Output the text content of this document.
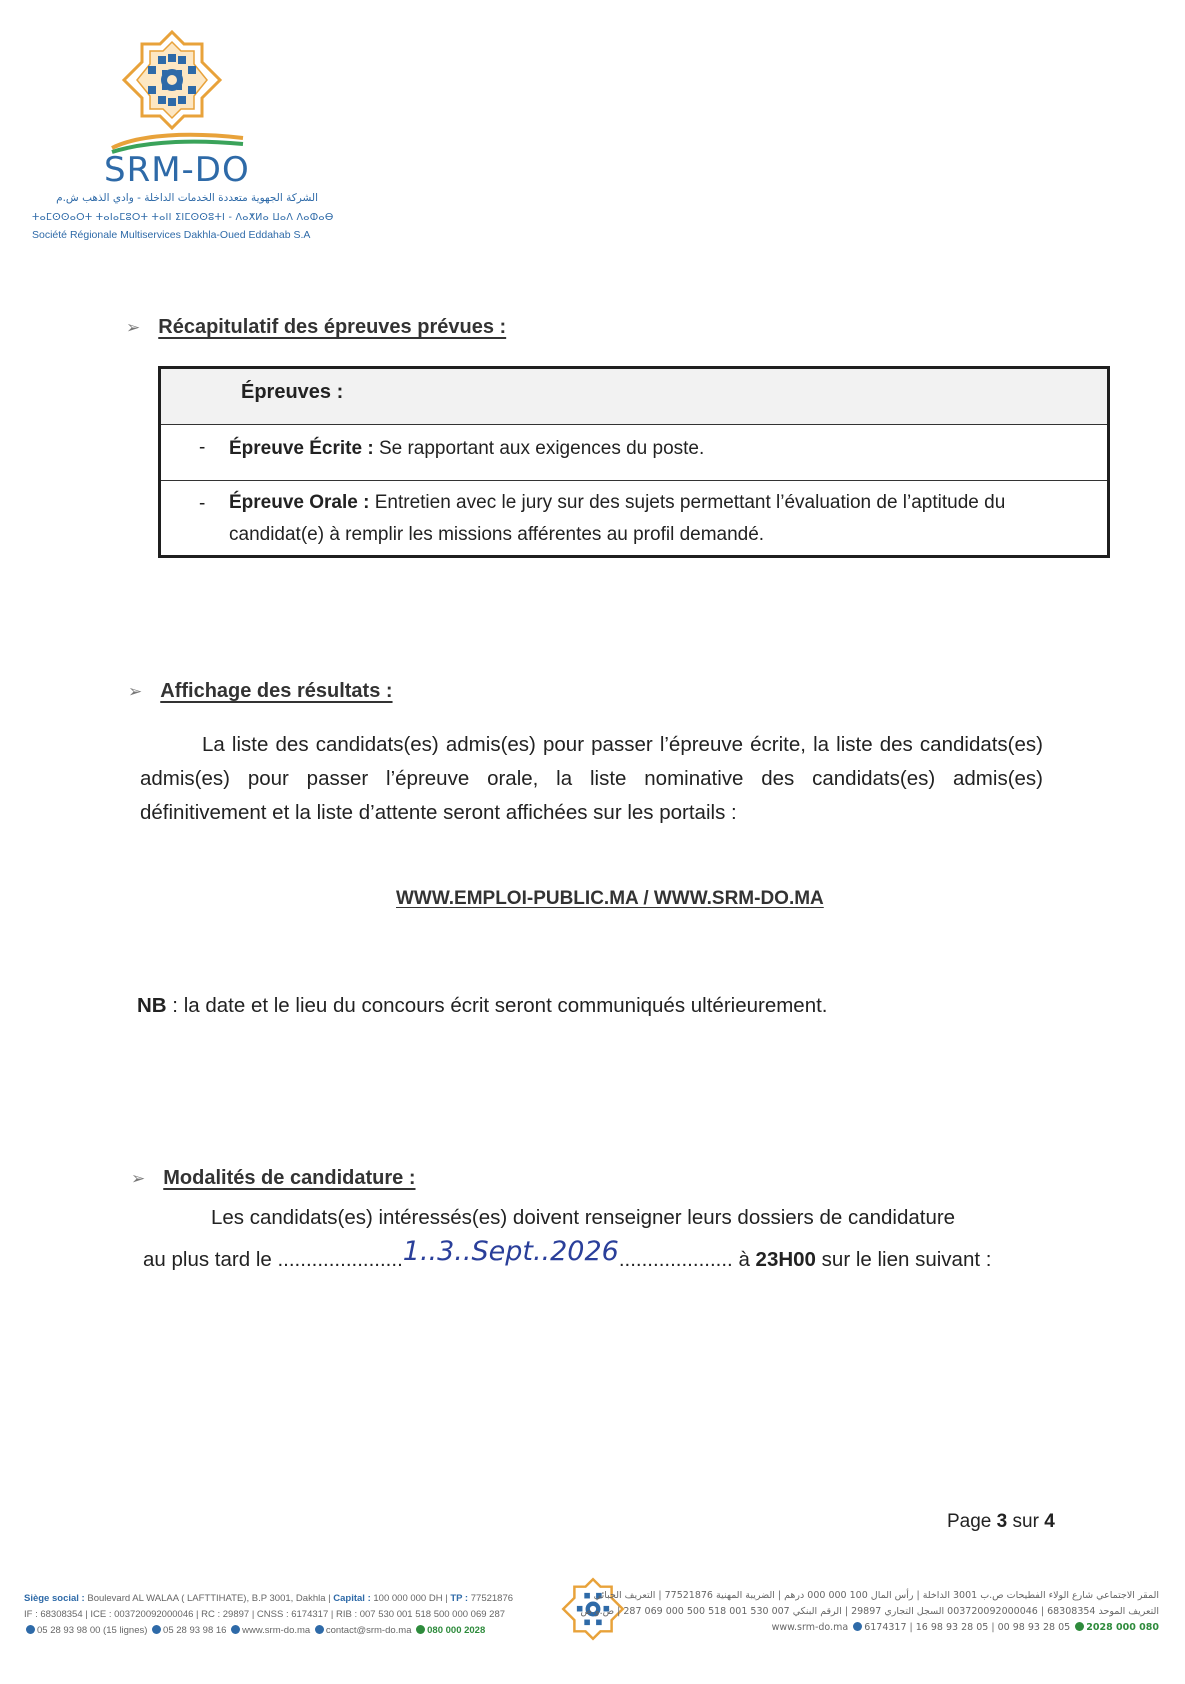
SRM-DO
الشركة الجهوية متعددة الخدمات الداخلة - وادي الذهب ش.م
ⵜⴰⵎⵙⵙⴰⵔⵜ ⵜⴰⵏⴰⵎⵓⵔⵜ ⵜⴰⵏⵏ ⵉⵏⵎⵙⵙⵓⵜⵏ - ⴷⴰⵅⵍⴰ ⵡⴰⴷ ⴷⴰⵀⴰⴱ
Société Régionale Multiservices Dakhla-Oued Eddahab S.A
➢ Récapitulatif des épreuves prévues :
Épreuves :
- Épreuve Écrite : Se rapportant aux exigences du poste.
- Épreuve Orale : Entretien avec le jury sur des sujets permettant l’évaluation de l’aptitude du candidat(e) à remplir les missions afférentes au profil demandé.
➢ Affichage des résultats :
La liste des candidats(es) admis(es) pour passer l’épreuve écrite, la liste des candidats(es) admis(es) pour passer l’épreuve orale, la liste nominative des candidats(es) admis(es) définitivement et la liste d’attente seront affichées sur les portails :
WWW.EMPLOI-PUBLIC.MA / WWW.SRM-DO.MA
NB : la date et le lieu du concours écrit seront communiqués ultérieurement.
➢ Modalités de candidature :
Les candidats(es) intéressés(es) doivent renseigner leurs dossiers de candidature
au plus tard le ......................1..3..Sept..2026.................... à 23H00 sur le lien suivant :
Page 3 sur 4
Siège social : Boulevard AL WALAA ( LAFTTIHATE), B.P 3001, Dakhla | Capital : 100 000 000 DH | TP : 77521876
IF : 68308354 | ICE : 003720092000046 | RC : 29897 | CNSS : 6174317 | RIB : 007 530 001 518 500 000 069 287
05 28 93 98 00 (15 lignes) 05 28 93 98 16 www.srm-do.ma contact@srm-do.ma 080 000 2028
المقر الاجتماعي شارع الولاء الفطيحات ص.ب 3001 الداخلة | رأس المال 100 000 000 درهم | الضريبة المهنية 77521876 | التعريف الجبائي
التعريف الموحد 68308354 | 003720092000046 السجل التجاري 29897 | الرقم البنكي 007 530 001 518 500 000 069 287 | ض.و.ض
080 000 2028 05 28 93 98 00 | 05 28 93 98 16 | www.srm-do.ma 6174317
